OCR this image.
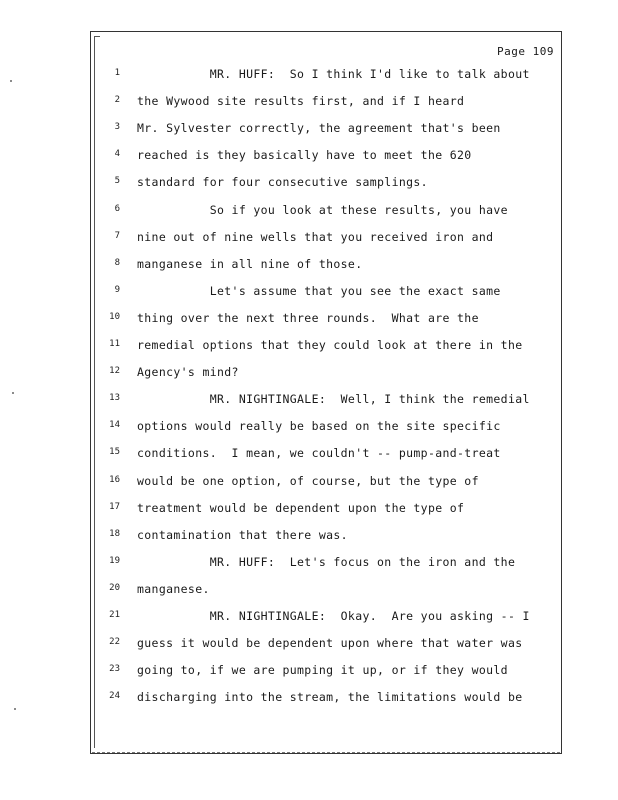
Page 109
1 MR. HUFF:  So I think I'd like to talk about
2 the Wywood site results first, and if I heard
3 Mr. Sylvester correctly, the agreement that's been
4 reached is they basically have to meet the 620
5 standard for four consecutive samplings.
6 So if you look at these results, you have
7 nine out of nine wells that you received iron and
8 manganese in all nine of those.
9 Let's assume that you see the exact same
10 thing over the next three rounds.  What are the
11 remedial options that they could look at there in the
12 Agency's mind?
13 MR. NIGHTINGALE:  Well, I think the remedial
14 options would really be based on the site specific
15 conditions.  I mean, we couldn't -- pump-and-treat
16 would be one option, of course, but the type of
17 treatment would be dependent upon the type of
18 contamination that there was.
19 MR. HUFF:  Let's focus on the iron and the
20 manganese.
21 MR. NIGHTINGALE:  Okay.  Are you asking -- I
22 guess it would be dependent upon where that water was
23 going to, if we are pumping it up, or if they would
24 discharging into the stream, the limitations would be
